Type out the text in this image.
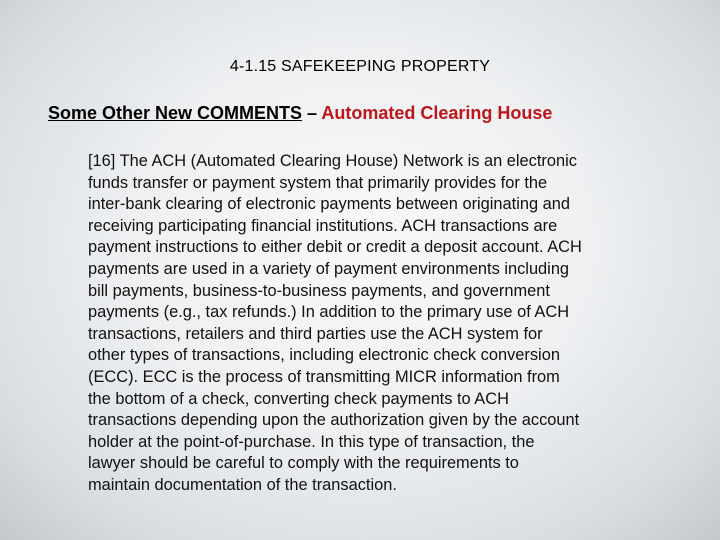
4-1.15 SAFEKEEPING PROPERTY
Some Other New COMMENTS – Automated Clearing House
[16] The ACH (Automated Clearing House) Network is an electronic
funds transfer or payment system that primarily provides for the
inter-bank clearing of electronic payments between originating and
receiving participating financial institutions. ACH transactions are
payment instructions to either debit or credit a deposit account. ACH
payments are used in a variety of payment environments including
bill payments, business-to-business payments, and government
payments (e.g., tax refunds.) In addition to the primary use of ACH
transactions, retailers and third parties use the ACH system for
other types of transactions, including electronic check conversion
(ECC). ECC is the process of transmitting MICR information from
the bottom of a check, converting check payments to ACH
transactions depending upon the authorization given by the account
holder at the point-of-purchase. In this type of transaction, the
lawyer should be careful to comply with the requirements to
maintain documentation of the transaction.
